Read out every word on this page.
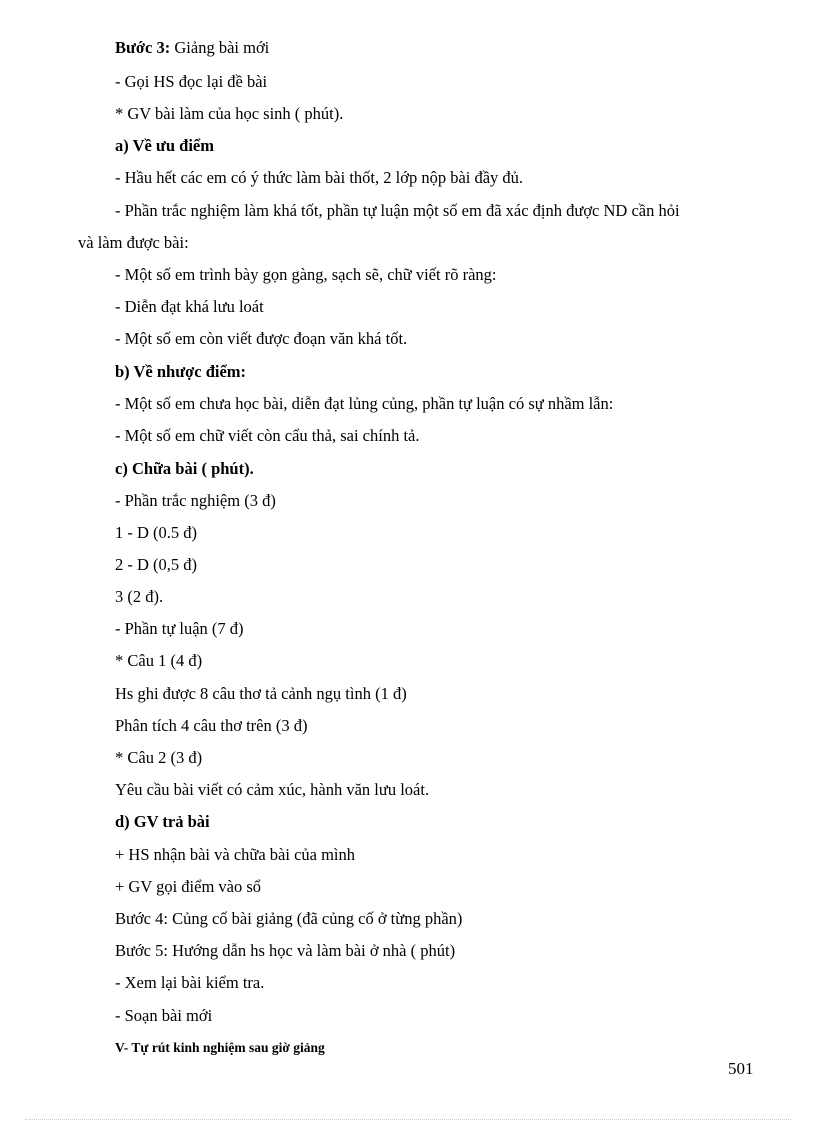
Bước 3: Giảng bài mới
- Gọi HS đọc lại đề bài
* GV bài làm của học sinh ( phút).
a) Về ưu điểm
- Hầu hết các em có ý thức làm bài thốt, 2 lớp nộp bài đầy đủ.
- Phần trắc nghiệm làm khá tốt, phần tự luận một số em đã xác định được ND cần hỏi
và làm được bài:
- Một số em trình bày gọn gàng, sạch sẽ, chữ viết rõ ràng:
- Diễn đạt khá lưu loát
- Một số em còn viết được đoạn văn khá tốt.
b) Về nhược điểm:
- Một số em chưa học bài, diễn đạt lủng củng, phần tự luận có sự nhầm lẫn:
- Một số em chữ viết còn cẩu thả, sai chính tả.
c) Chữa bài ( phút).
- Phần trắc nghiệm (3 đ)
1 - D (0.5 đ)
2 - D (0,5 đ)
3 (2 đ).
- Phần tự luận (7 đ)
* Câu 1 (4 đ)
Hs ghi được 8 câu thơ tả cảnh ngụ tình (1 đ)
Phân tích 4 câu thơ trên (3 đ)
* Câu 2 (3 đ)
Yêu cầu bài viết có cảm xúc, hành văn lưu loát.
d) GV trả bài
+ HS nhận bài và chữa bài của mình
+ GV gọi điểm vào sổ
Bước 4: Củng cố bài giảng (đã củng cố ở từng phần)
Bước 5: Hướng dẫn hs học và làm bài ở nhà ( phút)
- Xem lại bài kiểm tra.
- Soạn bài mới
V- Tự rút kinh nghiệm sau giờ giảng
501
